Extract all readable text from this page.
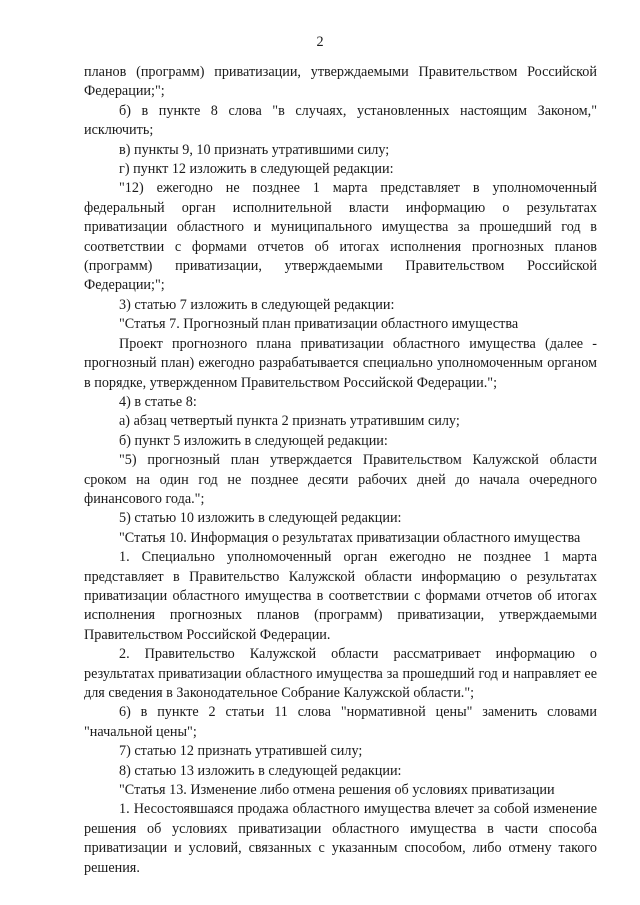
2

планов (программ) приватизации, утверждаемыми Правительством Российской Федерации;";

б) в пункте 8 слова "в случаях, установленных настоящим Законом," исключить;

в) пункты 9, 10 признать утратившими силу;

г) пункт 12 изложить в следующей редакции:

"12) ежегодно не позднее 1 марта представляет в уполномоченный федеральный орган исполнительной власти информацию о результатах приватизации областного и муниципального имущества за прошедший год в соответствии с формами отчетов об итогах исполнения прогнозных планов (программ) приватизации, утверждаемыми Правительством Российской Федерации;";

3) статью 7 изложить в следующей редакции:

"Статья 7. Прогнозный план приватизации областного имущества

Проект прогнозного плана приватизации областного имущества (далее - прогнозный план) ежегодно разрабатывается специально уполномоченным органом в порядке, утвержденном Правительством Российской Федерации.";

4) в статье 8:

а) абзац четвертый пункта 2 признать утратившим силу;

б) пункт 5 изложить в следующей редакции:

"5) прогнозный план утверждается Правительством Калужской области сроком на один год не позднее десяти рабочих дней до начала очередного финансового года.";

5) статью 10 изложить в следующей редакции:

"Статья 10. Информация о результатах приватизации областного имущества

1. Специально уполномоченный орган ежегодно не позднее 1 марта представляет в Правительство Калужской области информацию о результатах приватизации областного имущества в соответствии с формами отчетов об итогах исполнения прогнозных планов (программ) приватизации, утверждаемыми Правительством Российской Федерации.

2. Правительство Калужской области рассматривает информацию о результатах приватизации областного имущества за прошедший год и направляет ее для сведения в Законодательное Собрание Калужской области.";

6) в пункте 2 статьи 11 слова "нормативной цены" заменить словами "начальной цены";

7) статью 12 признать утратившей силу;

8) статью 13 изложить в следующей редакции:

"Статья 13. Изменение либо отмена решения об условиях приватизации

1. Несостоявшаяся продажа областного имущества влечет за собой изменение решения об условиях приватизации областного имущества в части способа приватизации и условий, связанных с указанным способом, либо отмену такого решения.
